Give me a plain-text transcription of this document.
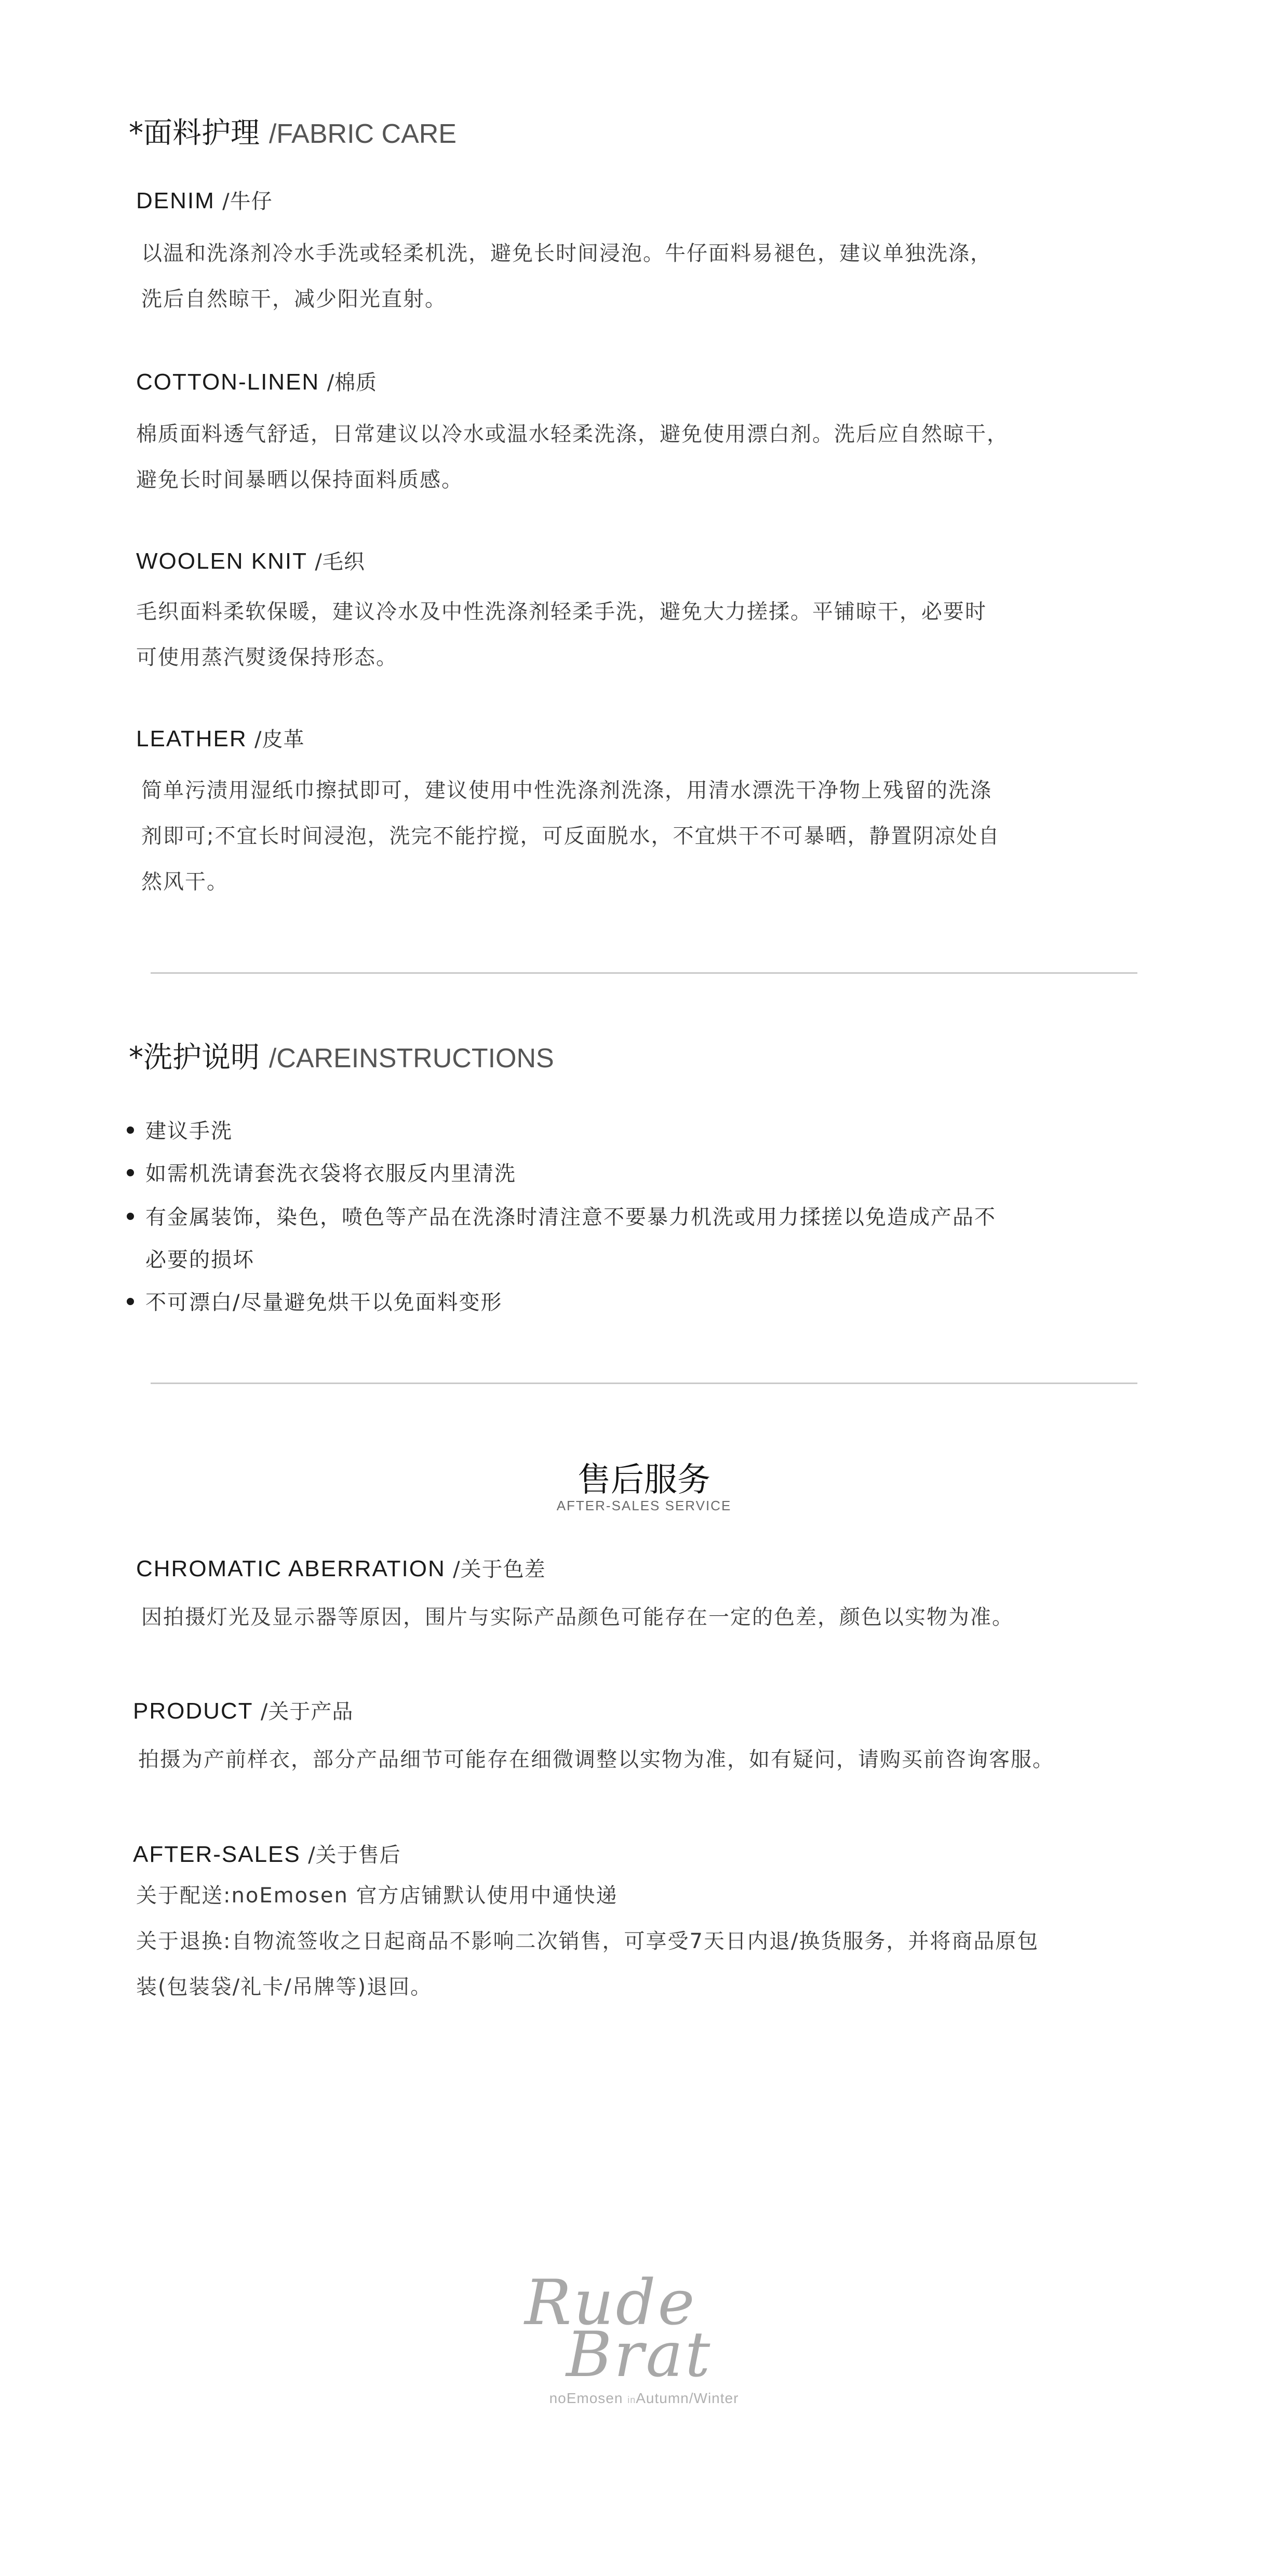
*面料护理 /FABRIC CARE
DENIM /牛仔
以温和洗涤剂冷水手洗或轻柔机洗，避免长时间浸泡。牛仔面料易褪色，建议单独洗涤，
洗后自然晾干，减少阳光直射。
COTTON-LINEN /棉质
棉质面料透气舒适，日常建议以冷水或温水轻柔洗涤，避免使用漂白剂。洗后应自然晾干，
避免长时间暴晒以保持面料质感。
WOOLEN KNIT /毛织
毛织面料柔软保暖，建议冷水及中性洗涤剂轻柔手洗，避免大力搓揉。平铺晾干，必要时
可使用蒸汽熨烫保持形态。
LEATHER /皮革
简单污渍用湿纸巾擦拭即可，建议使用中性洗涤剂洗涤，用清水漂洗干净物上残留的洗涤
剂即可;不宜长时间浸泡，洗完不能拧搅，可反面脱水，不宜烘干不可暴晒，静置阴凉处自
然风干。
*洗护说明 /CAREINSTRUCTIONS
建议手洗
如需机洗请套洗衣袋将衣服反内里清洗
有金属装饰，染色，喷色等产品在洗涤时清注意不要暴力机洗或用力揉搓以免造成产品不
必要的损坏
不可漂白/尽量避免烘干以免面料变形
售后服务
AFTER-SALES SERVICE
CHROMATIC ABERRATION /关于色差
因拍摄灯光及显示器等原因，围片与实际产品颜色可能存在一定的色差，颜色以实物为准。
PRODUCT /关于产品
拍摄为产前样衣，部分产品细节可能存在细微调整以实物为准，如有疑问，请购买前咨询客服。
AFTER-SALES /关于售后
关于配送:noEmosen 官方店铺默认使用中通快递
关于退换:自物流签收之日起商品不影响二次销售，可享受7天日内退/换货服务，并将商品原包
装(包装袋/礼卡/吊牌等)退回。
Rude
Brat
noEmosen inAutumn/Winter
